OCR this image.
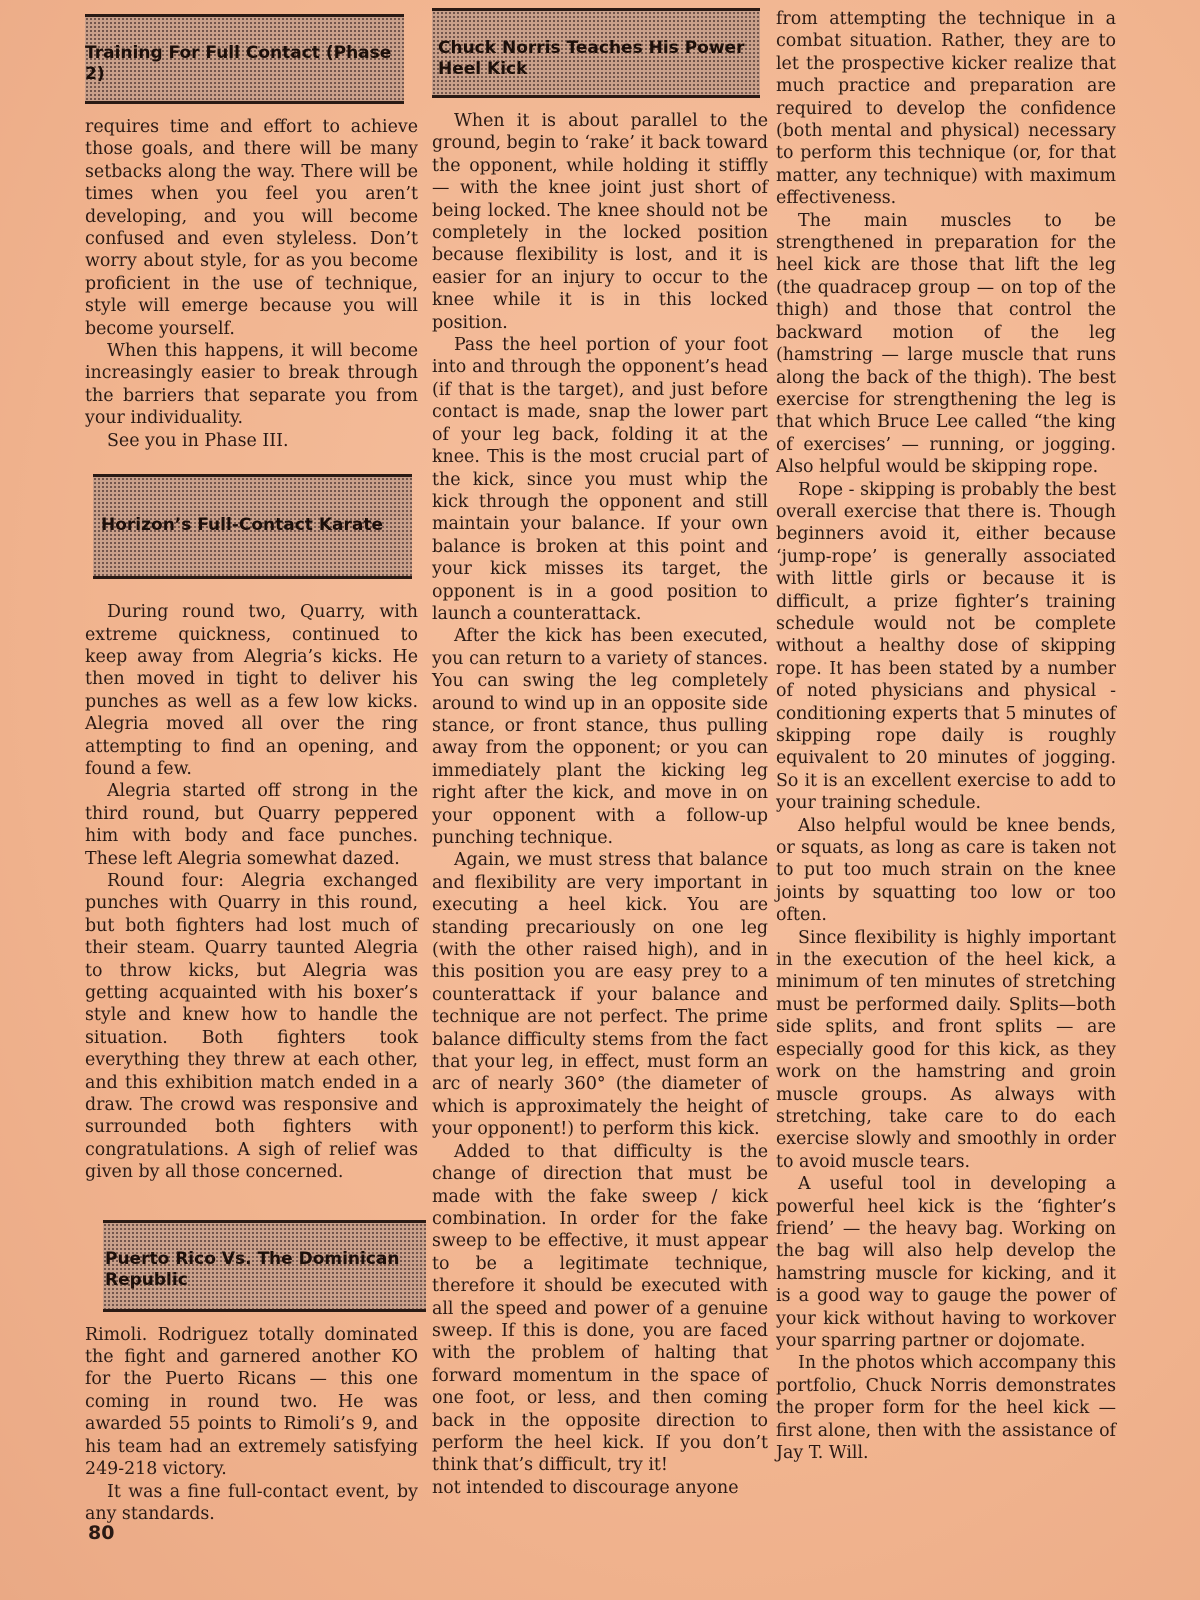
Training For Full Contact (Phase 2)

requires time and effort to achieve those goals, and there will be many setbacks along the way. There will be times when you feel you aren’t developing, and you will become confused and even styleless. Don’t worry about style, for as you become proficient in the use of technique, style will emerge because you will become yourself.

When this happens, it will become increasingly easier to break through the barriers that separate you from your individuality.

See you in Phase III.

Horizon’s Full-Contact Karate

During round two, Quarry, with extreme quickness, continued to keep away from Alegria’s kicks. He then moved in tight to deliver his punches as well as a few low kicks. Alegria moved all over the ring attempting to find an opening, and found a few.

Alegria started off strong in the third round, but Quarry peppered him with body and face punches. These left Alegria somewhat dazed.

Round four: Alegria exchanged punches with Quarry in this round, but both fighters had lost much of their steam. Quarry taunted Alegria to throw kicks, but Alegria was getting acquainted with his boxer’s style and knew how to handle the situation. Both fighters took everything they threw at each other, and this exhibition match ended in a draw. The crowd was responsive and surrounded both fighters with congratulations. A sigh of relief was given by all those concerned.

Puerto Rico Vs. The Dominican Republic

Rimoli. Rodriguez totally dominated the fight and garnered another KO for the Puerto Ricans — this one coming in round two. He was awarded 55 points to Rimoli’s 9, and his team had an extremely satisfying 249-218 victory.

It was a fine full-contact event, by any standards.

Chuck Norris Teaches His Power Heel Kick

When it is about parallel to the ground, begin to ‘rake’ it back toward the opponent, while holding it stiffly — with the knee joint just short of being locked. The knee should not be completely in the locked position because flexibility is lost, and it is easier for an injury to occur to the knee while it is in this locked position.

Pass the heel portion of your foot into and through the opponent’s head (if that is the target), and just before contact is made, snap the lower part of your leg back, folding it at the knee. This is the most crucial part of the kick, since you must whip the kick through the opponent and still maintain your balance. If your own balance is broken at this point and your kick misses its target, the opponent is in a good position to launch a counterattack.

After the kick has been executed, you can return to a variety of stances. You can swing the leg completely around to wind up in an opposite side stance, or front stance, thus pulling away from the opponent; or you can immediately plant the kicking leg right after the kick, and move in on your opponent with a follow-up punching technique.

Again, we must stress that balance and flexibility are very important in executing a heel kick. You are standing precariously on one leg (with the other raised high), and in this position you are easy prey to a counterattack if your balance and technique are not perfect. The prime balance difficulty stems from the fact that your leg, in effect, must form an arc of nearly 360° (the diameter of which is approximately the height of your opponent!) to perform this kick.

Added to that difficulty is the change of direction that must be made with the fake sweep / kick combination. In order for the fake sweep to be effective, it must appear to be a legitimate technique, therefore it should be executed with all the speed and power of a genuine sweep. If this is done, you are faced with the problem of halting that forward momentum in the space of one foot, or less, and then coming back in the opposite direction to perform the heel kick. If you don’t think that’s difficult, try it!

not intended to discourage anyone

from attempting the technique in a combat situation. Rather, they are to let the prospective kicker realize that much practice and preparation are required to develop the confidence (both mental and physical) necessary to perform this technique (or, for that matter, any technique) with maximum effectiveness.

The main muscles to be strengthened in preparation for the heel kick are those that lift the leg (the quadracep group — on top of the thigh) and those that control the backward motion of the leg (hamstring — large muscle that runs along the back of the thigh). The best exercise for strengthening the leg is that which Bruce Lee called “the king of exercises’ — running, or jogging. Also helpful would be skipping rope.

Rope - skipping is probably the best overall exercise that there is. Though beginners avoid it, either because ‘jump-rope’ is generally associated with little girls or because it is difficult, a prize fighter’s training schedule would not be complete without a healthy dose of skipping rope. It has been stated by a number of noted physicians and physical - conditioning experts that 5 minutes of skipping rope daily is roughly equivalent to 20 minutes of jogging. So it is an excellent exercise to add to your training schedule.

Also helpful would be knee bends, or squats, as long as care is taken not to put too much strain on the knee joints by squatting too low or too often.

Since flexibility is highly important in the execution of the heel kick, a minimum of ten minutes of stretching must be performed daily. Splits—both side splits, and front splits — are especially good for this kick, as they work on the hamstring and groin muscle groups. As always with stretching, take care to do each exercise slowly and smoothly in order to avoid muscle tears.

A useful tool in developing a powerful heel kick is the ‘fighter’s friend’ — the heavy bag. Working on the bag will also help develop the hamstring muscle for kicking, and it is a good way to gauge the power of your kick without having to workover your sparring partner or dojomate.

In the photos which accompany this portfolio, Chuck Norris demonstrates the proper form for the heel kick — first alone, then with the assistance of Jay T. Will.

80
